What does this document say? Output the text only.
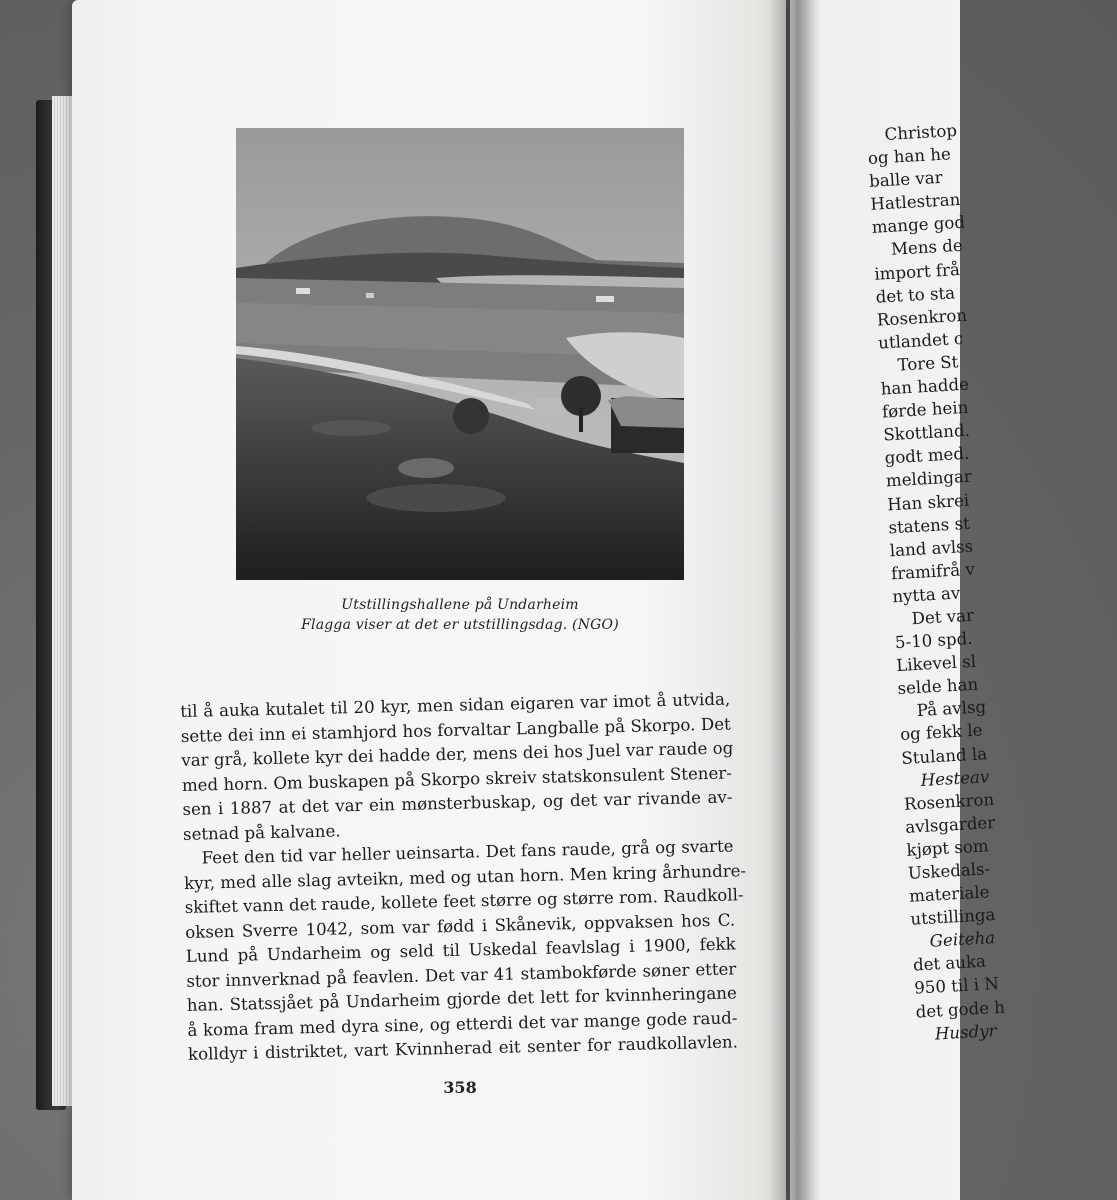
Utstillingshallene på Undarheim
Flagga viser at det er utstillingsdag. (NGO)
til å auka kutalet til 20 kyr, men sidan eigaren var imot å utvida,
sette dei inn ei stamhjord hos forvaltar Langballe på Skorpo. Det
var grå, kollete kyr dei hadde der, mens dei hos Juel var raude og
med horn. Om buskapen på Skorpo skreiv statskonsulent Stener-
sen i 1887 at det var ein mønsterbuskap, og det var rivande av-
setnad på kalvane.
Feet den tid var heller ueinsarta. Det fans raude, grå og svarte
kyr, med alle slag avteikn, med og utan horn. Men kring århundre-
skiftet vann det raude, kollete feet større og større rom. Raudkoll-
oksen Sverre 1042, som var fødd i Skånevik, oppvaksen hos C.
Lund på Undarheim og seld til Uskedal feavlslag i 1900, fekk
stor innverknad på feavlen. Det var 41 stambokførde søner etter
han. Statssjået på Undarheim gjorde det lett for kvinnheringane
å koma fram med dyra sine, og etterdi det var mange gode raud-
kolldyr i distriktet, vart Kvinnherad eit senter for raudkollavlen.
358
Christop
og han he
balle var
Hatlestran
mange god
Mens de
import frå
det to sta
Rosenkron
utlandet c
Tore St
han hadde
førde hein
Skottland.
godt med.
meldingar
Han skrei
statens st
land avlss
framifrå v
nytta av
Det var
5-10 spd.
Likevel sl
selde han
På avlsg
og fekk le
Stuland la
Hesteav
Rosenkron
avlsgarder
kjøpt som
Uskedals-
materiale
utstillinga
Geiteha
det auka
950 til i N
det gode h
Husdyr
